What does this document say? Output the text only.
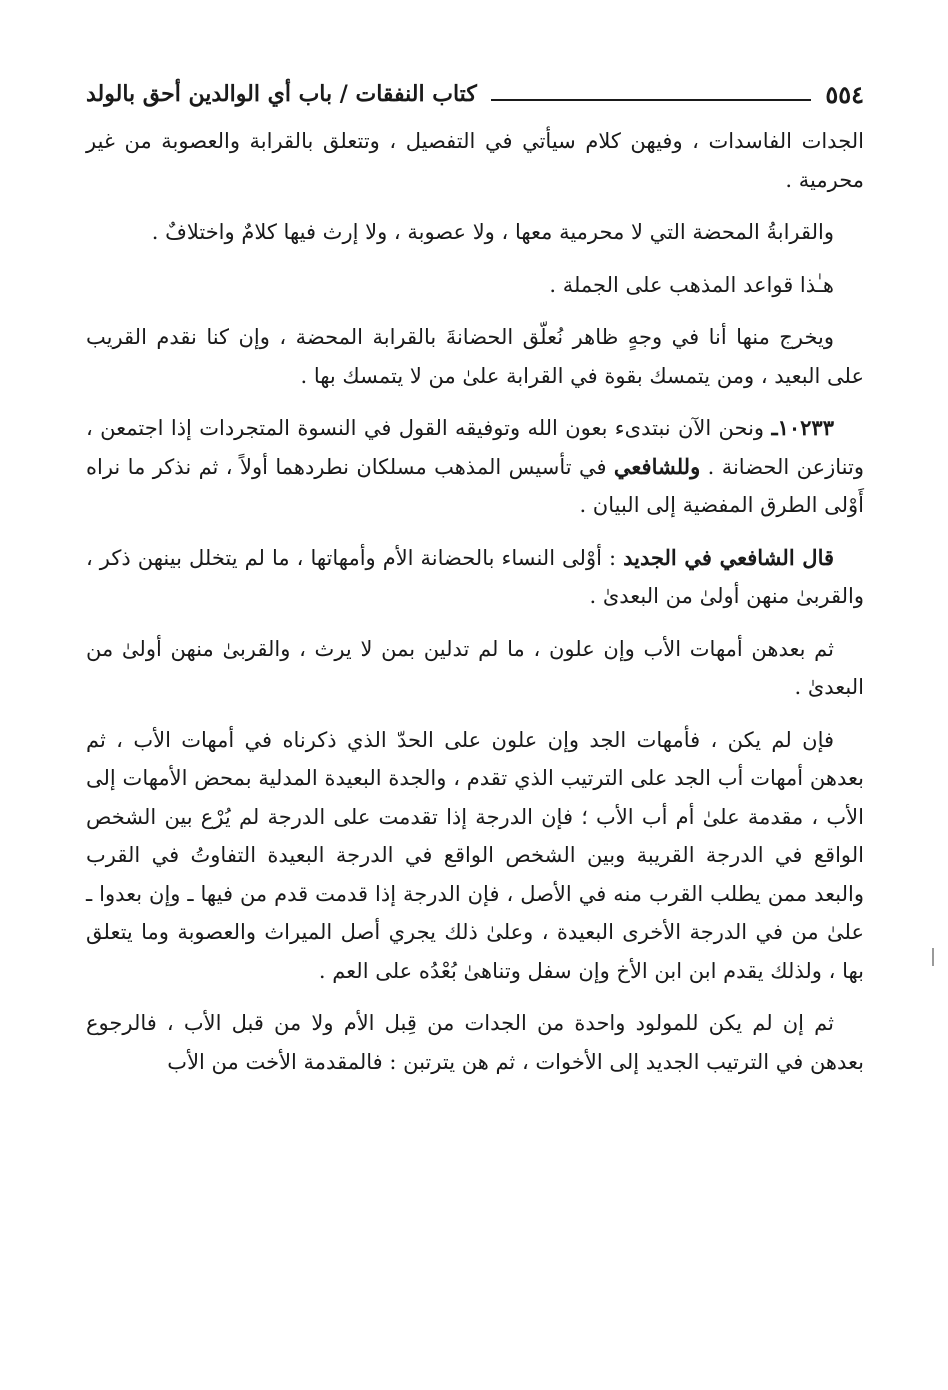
٥٥٤
كتاب النفقات / باب أي الوالدين أحق بالولد

الجدات الفاسدات ، وفيهن كلام سيأتي في التفصيل ، وتتعلق بالقرابة والعصوبة من غير محرمية .

والقرابةُ المحضة التي لا محرمية معها ، ولا عصوبة ، ولا إرث فيها كلامٌ واختلافٌ .

هـٰذا قواعد المذهب على الجملة .

ويخرج منها أنا في وجهٍ ظاهر نُعلّق الحضانةَ بالقرابة المحضة ، وإن كنا نقدم القريب على البعيد ، ومن يتمسك بقوة في القرابة علىٰ من لا يتمسك بها .

١٠٢٣٣ـ ونحن الآن نبتدىء بعون الله وتوفيقه القول في النسوة المتجردات إذا اجتمعن ، وتنازعن الحضانة . وللشافعي في تأسيس المذهب مسلكان نطردهما أولاً ، ثم نذكر ما نراه أَوْلى الطرق المفضية إلى البيان .

قال الشافعي في الجديد : أوْلى النساء بالحضانة الأم وأمهاتها ، ما لم يتخلل بينهن ذكر ، والقربىٰ منهن أولىٰ من البعدىٰ .

ثم بعدهن أمهات الأب وإن علون ، ما لم تدلين بمن لا يرث ، والقربىٰ منهن أولىٰ من البعدىٰ .

فإن لم يكن ، فأمهات الجد وإن علون على الحدّ الذي ذكرناه في أمهات الأب ، ثم بعدهن أمهات أب الجد على الترتيب الذي تقدم ، والجدة البعيدة المدلية بمحض الأمهات إلى الأب ، مقدمة علىٰ أم أب الأب ؛ فإن الدرجة إذا تقدمت على الدرجة لم يُرْع بين الشخص الواقع في الدرجة القريبة وبين الشخص الواقع في الدرجة البعيدة التفاوتُ في القرب والبعد ممن يطلب القرب منه في الأصل ، فإن الدرجة إذا قدمت قدم من فيها ـ وإن بعدوا ـ علىٰ من في الدرجة الأخرى البعيدة ، وعلىٰ ذلك يجري أصل الميراث والعصوبة وما يتعلق بها ، ولذلك يقدم ابن ابن الأخ وإن سفل وتناهىٰ بُعْدُه على العم .

ثم إن لم يكن للمولود واحدة من الجدات من قِبل الأم ولا من قبل الأب ، فالرجوع بعدهن في الترتيب الجديد إلى الأخوات ، ثم هن يترتبن : فالمقدمة الأخت من الأب
